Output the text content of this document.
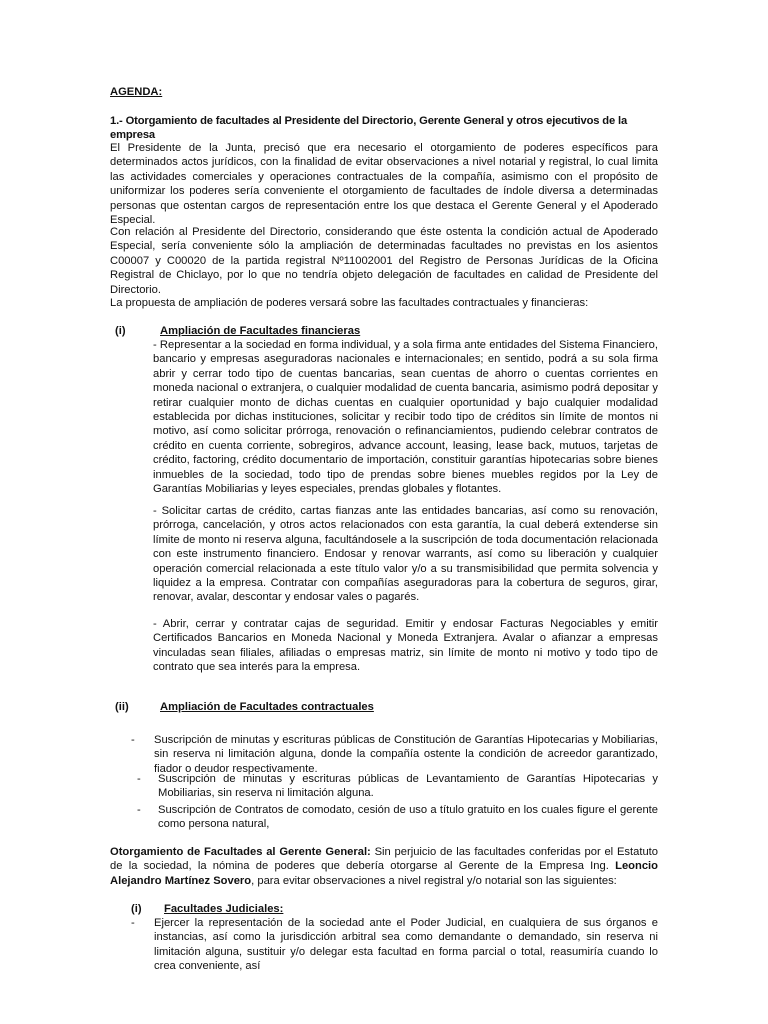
AGENDA:
1.- Otorgamiento de facultades al Presidente del Directorio, Gerente General y otros ejecutivos de la empresa

El Presidente de la Junta, precisó que era necesario el otorgamiento de poderes específicos para determinados actos jurídicos, con la finalidad de evitar observaciones a nivel notarial y registral, lo cual limita las actividades comerciales y operaciones contractuales de la compañía, asimismo con el propósito de uniformizar los poderes sería conveniente el otorgamiento de facultades de índole diversa a determinadas personas que ostentan cargos de representación entre los que destaca el Gerente General y el Apoderado Especial.

Con relación al Presidente del Directorio, considerando que éste ostenta la condición actual de Apoderado Especial, sería conveniente sólo la ampliación de determinadas facultades no previstas en los asientos C00007 y C00020 de la partida registral Nº11002001 del Registro de Personas Jurídicas de la Oficina Registral de Chiclayo, por lo que no tendría objeto delegación de facultades en calidad de Presidente del Directorio.

La propuesta de ampliación de poderes versará sobre las facultades contractuales y financieras:

(i)	Ampliación de Facultades financieras

- Representar a la sociedad en forma individual, y a sola firma ante entidades del Sistema Financiero, bancario y empresas aseguradoras nacionales e internacionales; en sentido, podrá a su sola firma abrir y cerrar todo tipo de cuentas bancarias, sean cuentas de ahorro o cuentas corrientes en moneda nacional o extranjera, o cualquier modalidad de cuenta bancaria, asimismo podrá depositar y retirar cualquier monto de dichas cuentas en cualquier oportunidad y bajo cualquier modalidad establecida por dichas instituciones, solicitar y recibir todo tipo de créditos sin límite de montos ni motivo, así como solicitar prórroga, renovación o refinanciamientos, pudiendo celebrar contratos de crédito en cuenta corriente, sobregiros, advance account, leasing, lease back, mutuos, tarjetas de crédito, factoring, crédito documentario de importación, constituir garantías hipotecarias sobre bienes inmuebles de la sociedad, todo tipo de prendas sobre bienes muebles regidos por la Ley de Garantías Mobiliarias y leyes especiales, prendas globales y flotantes.

- Solicitar cartas de crédito, cartas fianzas ante las entidades bancarias, así como su renovación, prórroga, cancelación, y otros actos relacionados con esta garantía, la cual deberá extenderse sin límite de monto ni reserva alguna, facultándosele a la suscripción de toda documentación relacionada con este instrumento financiero. Endosar y renovar warrants, así como su liberación y cualquier operación comercial relacionada a este título valor y/o a su transmisibilidad que permita solvencia y liquidez a la empresa. Contratar con compañías aseguradoras para la cobertura de seguros, girar, renovar, avalar, descontar y endosar vales o pagarés.

- Abrir, cerrar y contratar cajas de seguridad. Emitir y endosar Facturas Negociables y emitir Certificados Bancarios en Moneda Nacional y Moneda Extranjera. Avalar o afianzar a empresas vinculadas sean filiales, afiliadas o empresas matriz, sin límite de monto ni motivo y todo tipo de contrato que sea interés para la empresa.

(ii)	Ampliación de Facultades contractuales
- Suscripción de minutas y escrituras públicas de Constitución de Garantías Hipotecarias y Mobiliarias, sin reserva ni limitación alguna, donde la compañía ostente la condición de acreedor garantizado, fiador o deudor respectivamente.

- Suscripción de minutas y escrituras públicas de Levantamiento de Garantías Hipotecarias y Mobiliarias, sin reserva ni limitación alguna.

- Suscripción de Contratos de comodato, cesión de uso a título gratuito en los cuales figure el gerente como persona natural,

Otorgamiento de Facultades al Gerente General: Sin perjuicio de las facultades conferidas por el Estatuto de la sociedad, la nómina de poderes que debería otorgarse al Gerente de la Empresa Ing. Leoncio Alejandro Martínez Sovero, para evitar observaciones a nivel registral y/o notarial son las siguientes:

(i) Facultades Judiciales:
- Ejercer la representación de la sociedad ante el Poder Judicial, en cualquiera de sus órganos e instancias, así como la jurisdicción arbitral sea como demandante o demandado, sin reserva ni limitación alguna, sustituir y/o delegar esta facultad en forma parcial o total, reasumiría cuando lo crea conveniente, así
